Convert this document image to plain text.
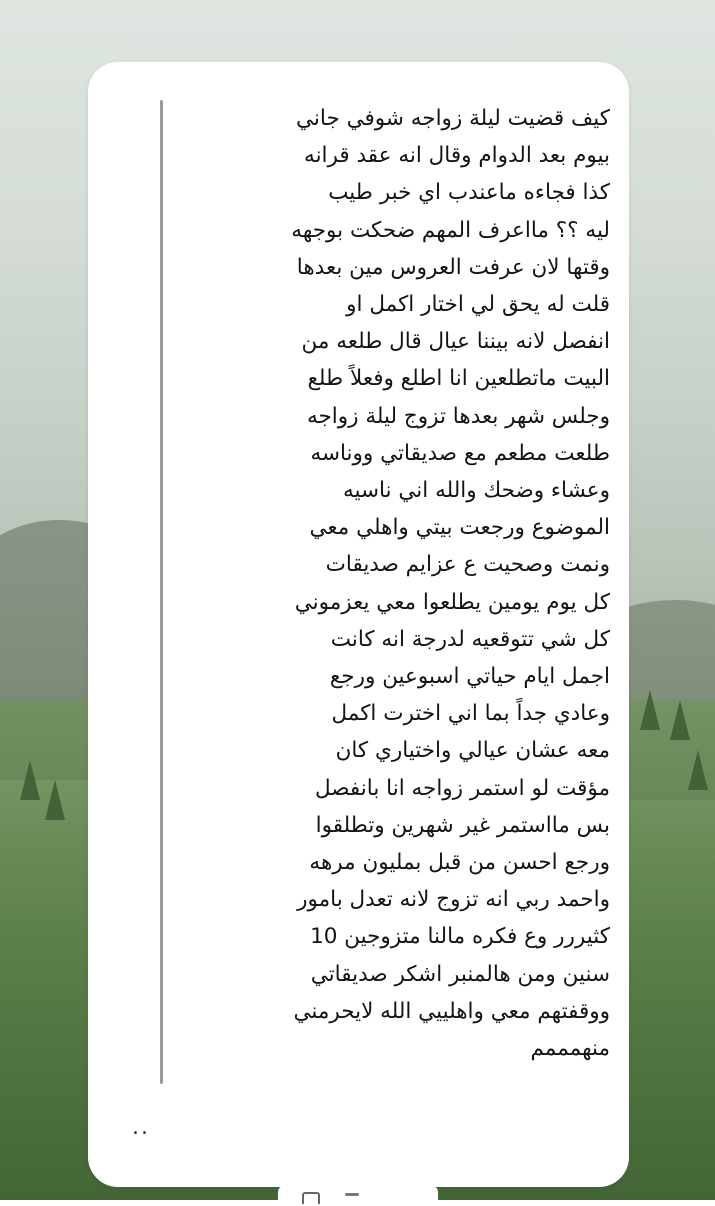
كيف قضيت ليلة زواجه شوفي جاني
بيوم بعد الدوام وقال انه عقد قرانه
كذا فجاءه ماعندب اي خبر طيب
ليه ؟؟ مااعرف المهم ضحكت بوجهه
وقتها لان عرفت العروس مين بعدها
قلت له يحق لي اختار اكمل او
انفصل لانه بيننا عيال قال طلعه من
البيت ماتطلعين انا اطلع وفعلاً طلع
وجلس شهر بعدها تزوج ليلة زواجه
طلعت مطعم مع صديقاتي ووناسه
وعشاء وضحك والله اني ناسيه
الموضوع ورجعت بيتي واهلي معي
ونمت وصحيت ع عزايم صديقات
كل يوم يومين يطلعوا معي يعزموني
كل شي تتوقعيه لدرجة انه كانت
اجمل ايام حياتي اسبوعين ورجع
وعادي جداً بما اني اخترت اكمل
معه عشان عيالي واختياري كان
مؤقت لو استمر زواجه انا بانفصل
بس مااستمر غير شهرين وتطلقوا
ورجع احسن من قبل بمليون مرهه
واحمد ربي انه تزوج لانه تعدل بامور
كثيررر وع فكره مالنا متزوجين 10
سنين ومن هالمنبر اشكر صديقاتي
ووقفتهم معي واهلييي الله لايحرمني
منهمممم
..
